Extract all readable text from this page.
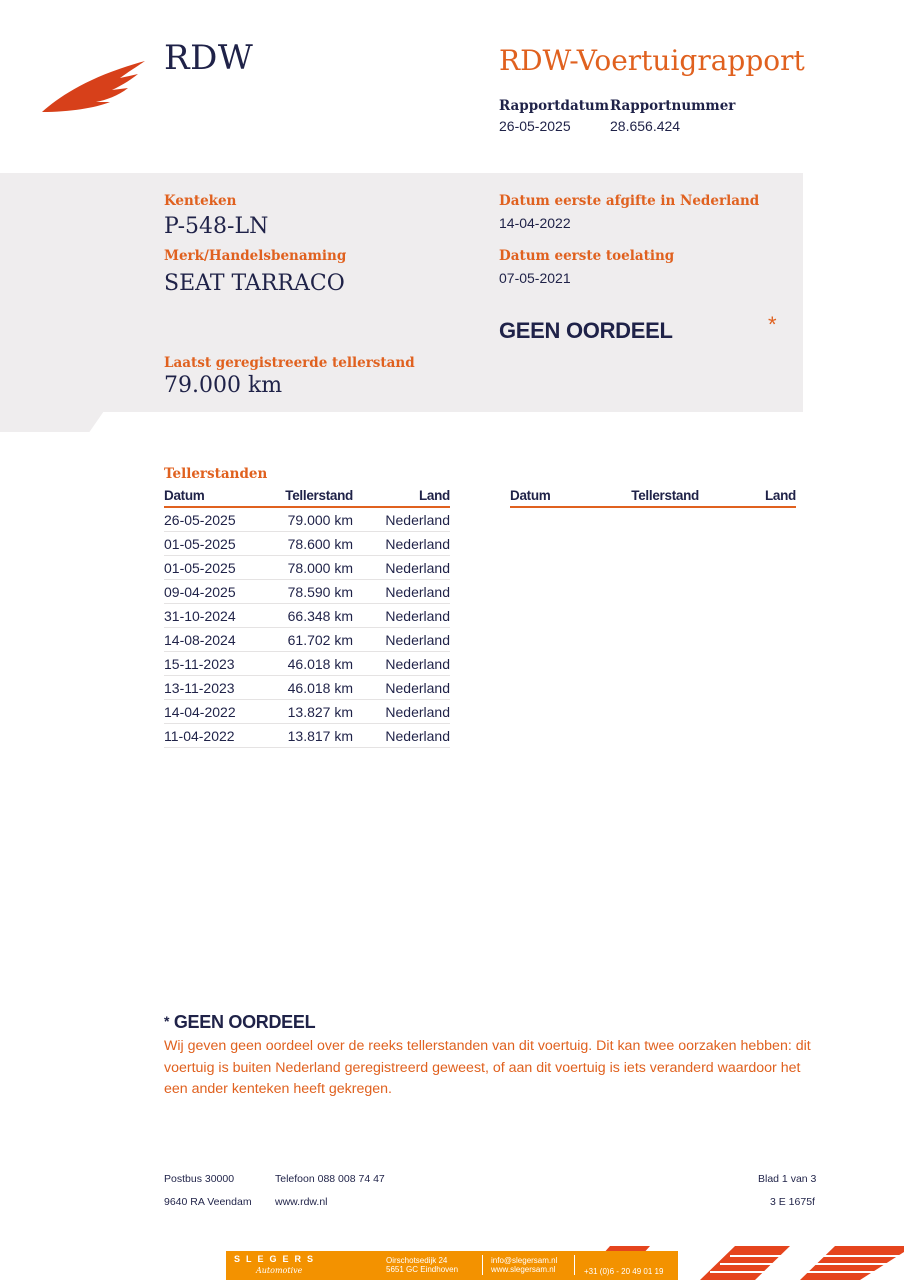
RDW	RDW-Voertuigrapport
Rapportdatum
26-05-2025
Rapportnummer
28.656.424
Kenteken
P-548-LN
Merk/Handelsbenaming
SEAT TARRACO
Datum eerste afgifte in Nederland
14-04-2022
Datum eerste toelating
07-05-2021
GEEN OORDEEL	*
Laatst geregistreerde tellerstand
79.000 km
Tellerstanden
Datum	Tellerstand	Land
26-05-2025	79.000 km	Nederland
01-05-2025	78.600 km	Nederland
01-05-2025	78.000 km	Nederland
09-04-2025	78.590 km	Nederland
31-10-2024	66.348 km	Nederland
14-08-2024	61.702 km	Nederland
15-11-2023	46.018 km	Nederland
13-11-2023	46.018 km	Nederland
14-04-2022	13.827 km	Nederland
11-04-2022	13.817 km	Nederland
Datum	Tellerstand	Land
* GEEN OORDEEL
Wij geven geen oordeel over de reeks tellerstanden van dit voertuig. Dit kan twee oorzaken hebben: dit voertuig is buiten Nederland geregistreerd geweest, of aan dit voertuig is iets veranderd waardoor het een ander kenteken heeft gekregen.
Postbus 30000
9640 RA Veendam
Telefoon 088 008 74 47
www.rdw.nl
Blad 1 van 3
3 E 1675f
SLEGERS
Automotive
Oirschotsedijk 24
5651 GC Eindhoven
info@slegersam.nl
www.slegersam.nl	+31 (0)6 - 20 49 01 19
